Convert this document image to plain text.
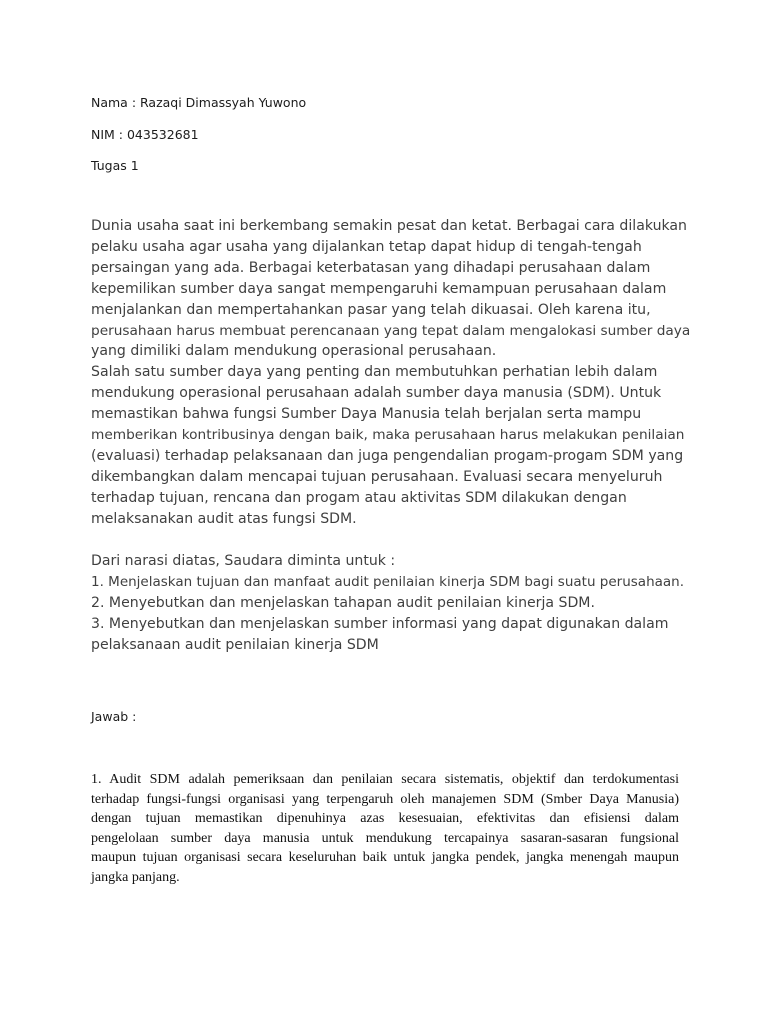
Nama : Razaqi Dimassyah Yuwono
NIM : 043532681
Tugas 1
Dunia usaha saat ini berkembang semakin pesat dan ketat. Berbagai cara dilakukan
pelaku usaha agar usaha yang dijalankan tetap dapat hidup di tengah-tengah
persaingan yang ada. Berbagai keterbatasan yang dihadapi perusahaan dalam
kepemilikan sumber daya sangat mempengaruhi kemampuan perusahaan dalam
menjalankan dan mempertahankan pasar yang telah dikuasai. Oleh karena itu,
perusahaan harus membuat perencanaan yang tepat dalam mengalokasi sumber daya
yang dimiliki dalam mendukung operasional perusahaan.
Salah satu sumber daya yang penting dan membutuhkan perhatian lebih dalam
mendukung operasional perusahaan adalah sumber daya manusia (SDM). Untuk
memastikan bahwa fungsi Sumber Daya Manusia telah berjalan serta mampu
memberikan kontribusinya dengan baik, maka perusahaan harus melakukan penilaian
(evaluasi) terhadap pelaksanaan dan juga pengendalian progam-progam SDM yang
dikembangkan dalam mencapai tujuan perusahaan. Evaluasi secara menyeluruh
terhadap tujuan, rencana dan progam atau aktivitas SDM dilakukan dengan
melaksanakan audit atas fungsi SDM.
Dari narasi diatas, Saudara diminta untuk :
1. Menjelaskan tujuan dan manfaat audit penilaian kinerja SDM bagi suatu perusahaan.
2. Menyebutkan dan menjelaskan tahapan audit penilaian kinerja SDM.
3. Menyebutkan dan menjelaskan sumber informasi yang dapat digunakan dalam
pelaksanaan audit penilaian kinerja SDM
Jawab :
1. Audit SDM adalah pemeriksaan dan penilaian secara sistematis, objektif dan terdokumentasi
terhadap fungsi-fungsi organisasi yang terpengaruh oleh manajemen SDM (Smber Daya Manusia)
dengan tujuan memastikan dipenuhinya azas kesesuaian, efektivitas dan efisiensi dalam
pengelolaan sumber daya manusia untuk mendukung tercapainya sasaran-sasaran fungsional
maupun tujuan organisasi secara keseluruhan baik untuk jangka pendek, jangka menengah maupun
jangka panjang.
